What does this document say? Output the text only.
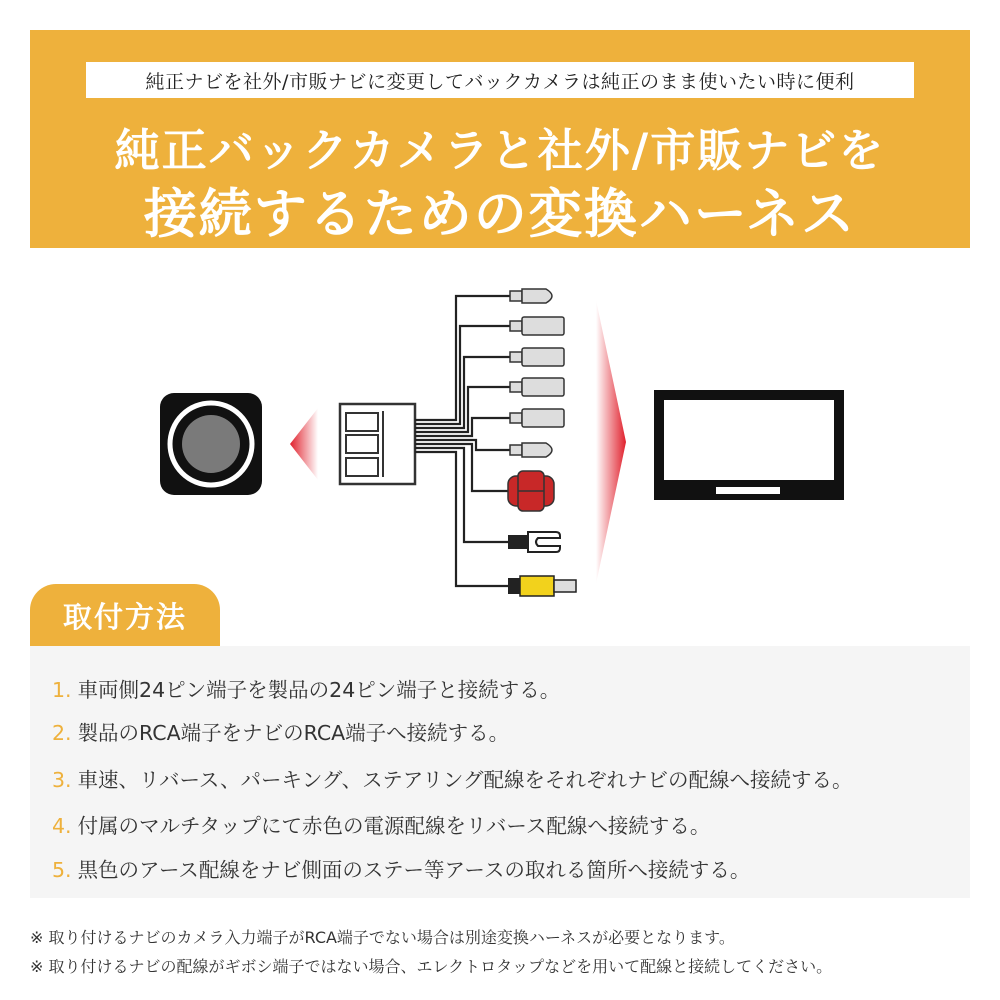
純正ナビを社外/市販ナビに変更してバックカメラは純正のまま使いたい時に便利
純正バックカメラと社外/市販ナビを
接続するための変換ハーネス
取付方法
1. 車両側24ピン端子を製品の24ピン端子と接続する。
2. 製品のRCA端子をナビのRCA端子へ接続する。
3. 車速、リバース、パーキング、ステアリング配線をそれぞれナビの配線へ接続する。
4. 付属のマルチタップにて赤色の電源配線をリバース配線へ接続する。
5. 黒色のアース配線をナビ側面のステー等アースの取れる箇所へ接続する。
※ 取り付けるナビのカメラ入力端子がRCA端子でない場合は別途変換ハーネスが必要となります。
※ 取り付けるナビの配線がギボシ端子ではない場合、エレクトロタップなどを用いて配線と接続してください。
